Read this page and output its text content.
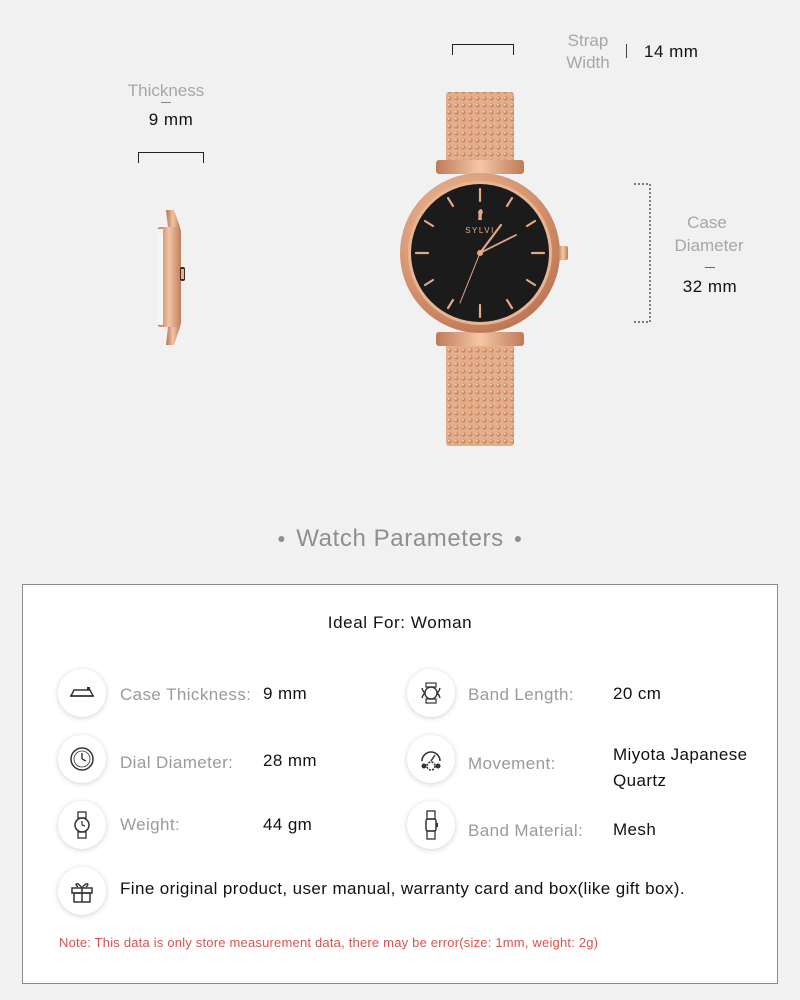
Thickness
9 mm
Strap
Width
14 mm
SYLVI	Case
Diameter
32 mm
● Watch Parameters ●
Ideal For: Woman
Case Thickness: 9 mm	Band Length: 20 cm
Dial Diameter: 28 mm	Movement:	Miyota Japanese
Quartz
Weight:	44 gm	Band Material: Mesh
Fine original product, user manual, warranty card and box(like gift box).
Note: This data is only store measurement data, there may be error(size: 1mm, weight: 2g)
